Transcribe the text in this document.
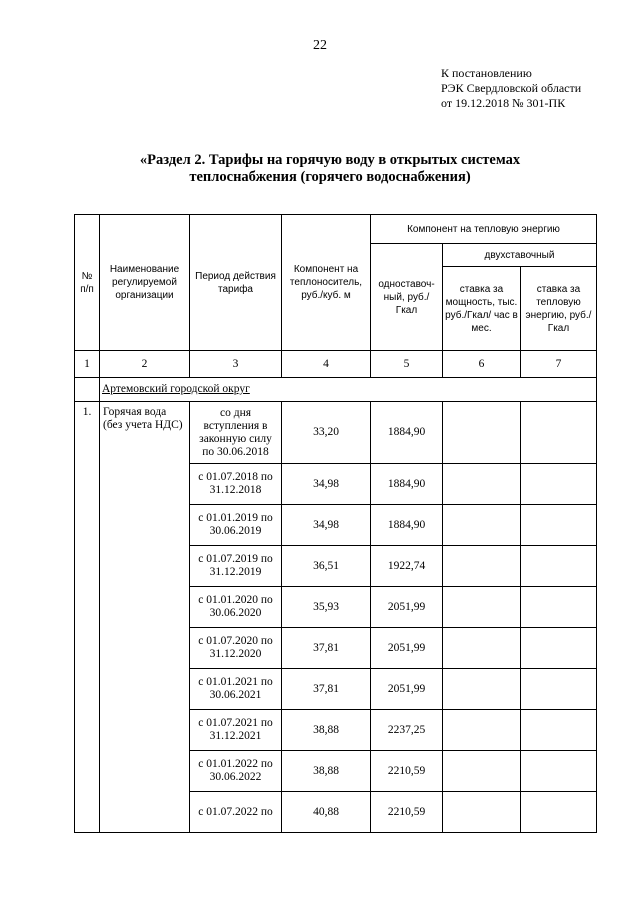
22
К постановлению
РЭК Свердловской области
от 19.12.2018 № 301-ПК
«Раздел 2. Тарифы на горячую воду в открытых системах
теплоснабжения (горячего водоснабжения)
№ п/п	Наименование регулируемой организации	Период действия тарифа	Компонент на теплоноситель, руб./куб. м	Компонент на тепловую энергию		
				одноставоч-ный, руб./Гкал	двухставочный	
					ставка за мощность, тыс. руб./Гкал/ час в мес.	ставка за тепловую энергию, руб./Гкал
1	2	3	4	5	6	7
	Артемовский городской округ					
1.	Горячая вода (без учета НДС)	со дня вступления в законную силу по 30.06.2018	33,20	1884,90		
		с 01.07.2018 по 31.12.2018	34,98	1884,90		
		с 01.01.2019 по 30.06.2019	34,98	1884,90		
		с 01.07.2019 по 31.12.2019	36,51	1922,74		
		с 01.01.2020 по 30.06.2020	35,93	2051,99		
		с 01.07.2020 по 31.12.2020	37,81	2051,99		
		с 01.01.2021 по 30.06.2021	37,81	2051,99		
		с 01.07.2021 по 31.12.2021	38,88	2237,25		
		с 01.01.2022 по 30.06.2022	38,88	2210,59		
		с 01.07.2022 по	40,88	2210,59		
